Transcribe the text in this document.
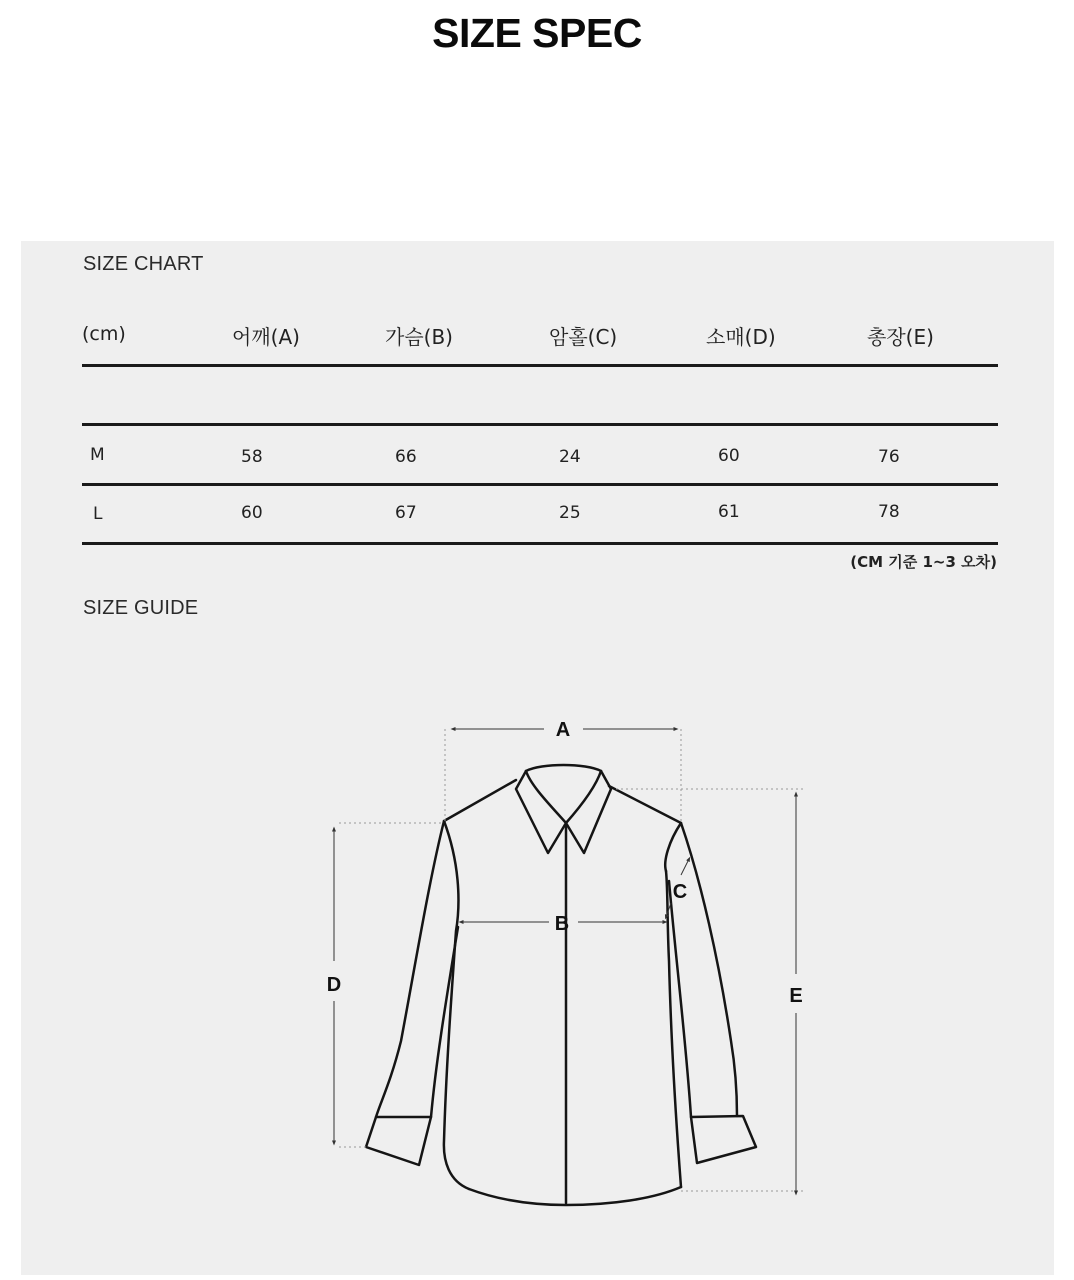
SIZE SPEC
SIZE CHART
(cm)	어깨(A)	가슴(B)	암홀(C)	소매(D)	총장(E)
M	58	66	24	60	76
L	60	67	25	61	78
(CM 기준 1~3 오차)
SIZE GUIDE
A
B
C
D	E
